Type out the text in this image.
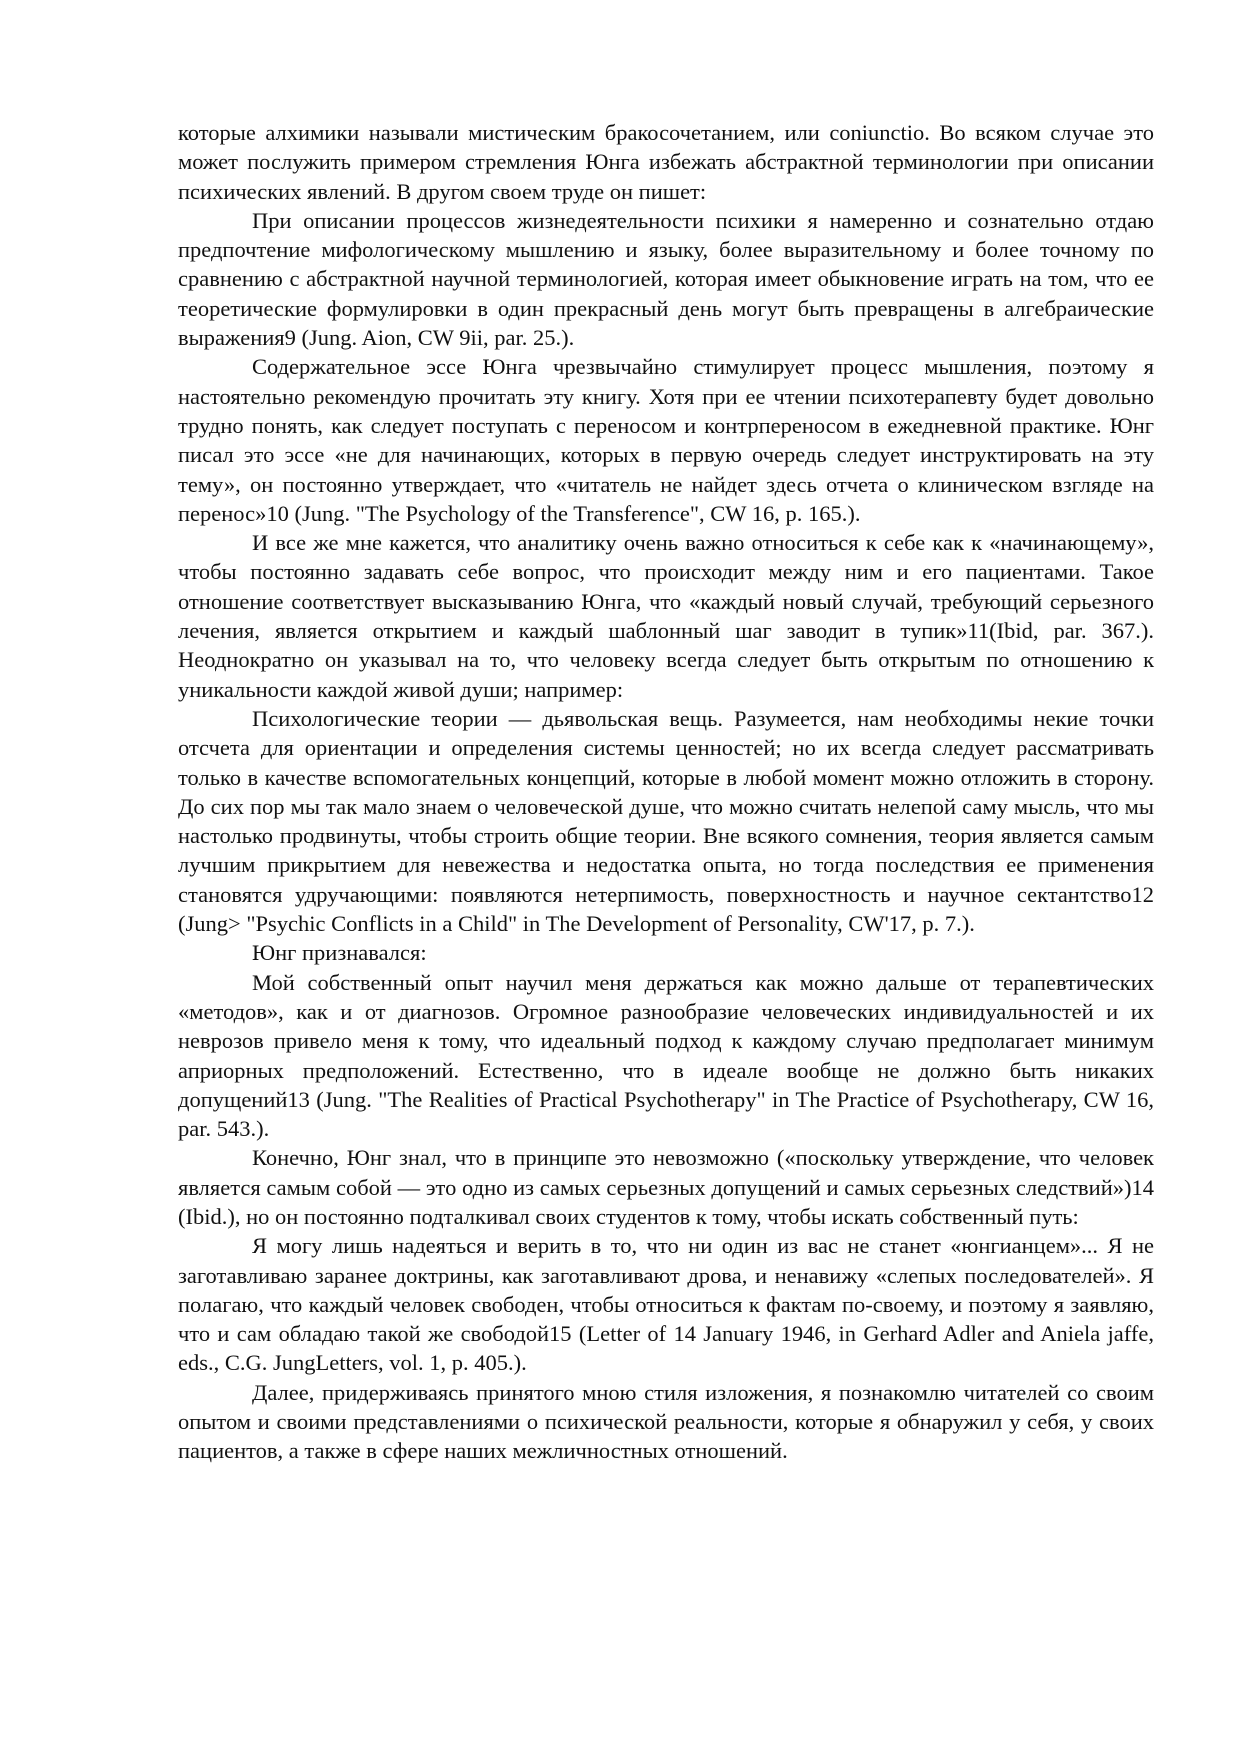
которые алхимики называли мистическим бракосочетанием, или coniunctio. Во всяком случае это может послужить примером стремления Юнга избежать абстрактной терминологии при описании психических явлений. В другом своем труде он пишет:

При описании процессов жизнедеятельности психики я намеренно и сознательно отдаю предпочтение мифологическому мышлению и языку, более выразительному и более точному по сравнению с абстрактной научной терминологией, которая имеет обыкновение играть на том, что ее теоретические формулировки в один прекрасный день могут быть превращены в алгебраические выражения9 (Jung. Aion, CW 9ii, par. 25.).

Содержательное эссе Юнга чрезвычайно стимулирует процесс мышления, поэтому я настоятельно рекомендую прочитать эту книгу. Хотя при ее чтении психотерапевту будет довольно трудно понять, как следует поступать с переносом и контрпереносом в ежедневной практике. Юнг писал это эссе «не для начинающих, которых в первую очередь следует инструктировать на эту тему», он постоянно утверждает, что «читатель не найдет здесь отчета о клиническом взгляде на перенос»10 (Jung. "The Psychology of the Transference", CW 16, p. 165.).

И все же мне кажется, что аналитику очень важно относиться к себе как к «начинающему», чтобы постоянно задавать себе вопрос, что происходит между ним и его пациентами. Такое отношение соответствует высказыванию Юнга, что «каждый новый случай, требующий серьезного лечения, является открытием и каждый шаблонный шаг заводит в тупик»11(Ibid, par. 367.). Неоднократно он указывал на то, что человеку всегда следует быть открытым по отношению к уникальности каждой живой души; например:

Психологические теории — дьявольская вещь. Разумеется, нам необходимы некие точки отсчета для ориентации и определения системы ценностей; но их всегда следует рассматривать только в качестве вспомогательных концепций, которые в любой момент можно отложить в сторону. До сих пор мы так мало знаем о человеческой душе, что можно считать нелепой саму мысль, что мы настолько продвинуты, чтобы строить общие теории. Вне всякого сомнения, теория является самым лучшим прикрытием для невежества и недостатка опыта, но тогда последствия ее применения становятся удручающими: появляются нетерпимость, поверхностность и научное сектантство12 (Jung> "Psychic Conflicts in a Child" in The Development of Personality, CW'17, p. 7.).

Юнг признавался:

Мой собственный опыт научил меня держаться как можно дальше от терапевтических «методов», как и от диагнозов. Огромное разнообразие человеческих индивидуальностей и их неврозов привело меня к тому, что идеальный подход к каждому случаю предполагает минимум априорных предположений. Естественно, что в идеале вообще не должно быть никаких допущений13 (Jung. "The Realities of Practical Psychotherapy" in The Practice of Psychotherapy, CW 16, par. 543.).

Конечно, Юнг знал, что в принципе это невозможно («поскольку утверждение, что человек является самым собой — это одно из самых серьезных допущений и самых серьезных следствий»)14 (Ibid.), но он постоянно подталкивал своих студентов к тому, чтобы искать собственный путь:

Я могу лишь надеяться и верить в то, что ни один из вас не станет «юнгианцем»... Я не заготавливаю заранее доктрины, как заготавливают дрова, и ненавижу «слепых последователей». Я полагаю, что каждый человек свободен, чтобы относиться к фактам по-своему, и поэтому я заявляю, что и сам обладаю такой же свободой15 (Letter of 14 January 1946, in Gerhard Adler and Aniela jaffe, eds., C.G. JungLetters, vol. 1, p. 405.).

Далее, придерживаясь принятого мною стиля изложения, я познакомлю читателей со своим опытом и своими представлениями о психической реальности, которые я обнаружил у себя, у своих пациентов, а также в сфере наших межличностных отношений.
